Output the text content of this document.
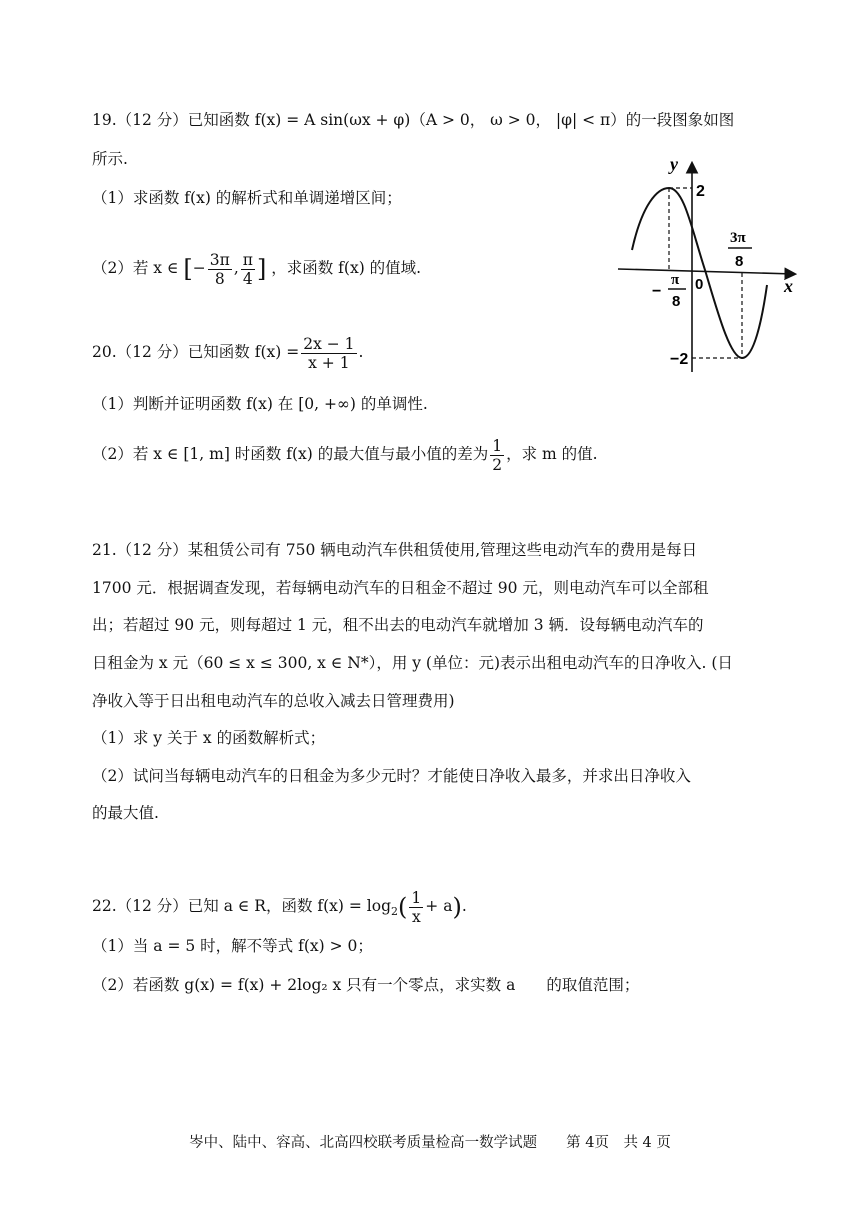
19.（12 分）已知函数 f(x) = A sin(ωx + φ)（A > 0， ω > 0， |φ| < π）的一段图象如图
所示.
（1）求函数 f(x) 的解析式和单调递增区间；
（2）若 x ∈ [− $\frac{3\pi}{8}$ , $\frac{\pi}{4}$ ] ，求函数 f(x) 的值域.
y
x
2
−2
0
−
π
8
3π
8
20.（12 分）已知函数 $f(x) = \frac{2x - 1}{x + 1}$ .
（1）判断并证明函数 f(x) 在 [0, +∞) 的单调性.
（2）若 x ∈ [1, m] 时函数 f(x) 的最大值与最小值的差为 $\frac{1}{2}$ ，求 m 的值.
21.（12 分）某租赁公司有 750 辆电动汽车供租赁使用,管理这些电动汽车的费用是每日
1700 元．根据调查发现，若每辆电动汽车的日租金不超过 90 元，则电动汽车可以全部租
出；若超过 90 元，则每超过 1 元，租不出去的电动汽车就增加 3 辆．设每辆电动汽车的
日租金为 x 元（60 ≤ x ≤ 300, x ∈ N*），用 y (单位：元)表示出租电动汽车的日净收入. (日
净收入等于日出租电动汽车的总收入减去日管理费用)
（1）求 y 关于 x 的函数解析式；
（2）试问当每辆电动汽车的日租金为多少元时？才能使日净收入最多，并求出日净收入
的最大值.
22.（12 分）已知 a ∈ R，函数 $f(x) = \log_2( \frac{1}{x} + a)$.
（1）当 a = 5 时，解不等式 f(x) > 0；
（2）若函数 g(x) = f(x) + 2log₂ x 只有一个零点，求实数 a　　的取值范围；
岑中、陆中、容高、北高四校联考质量检高一数学试题　　第 4页　共 4 页
